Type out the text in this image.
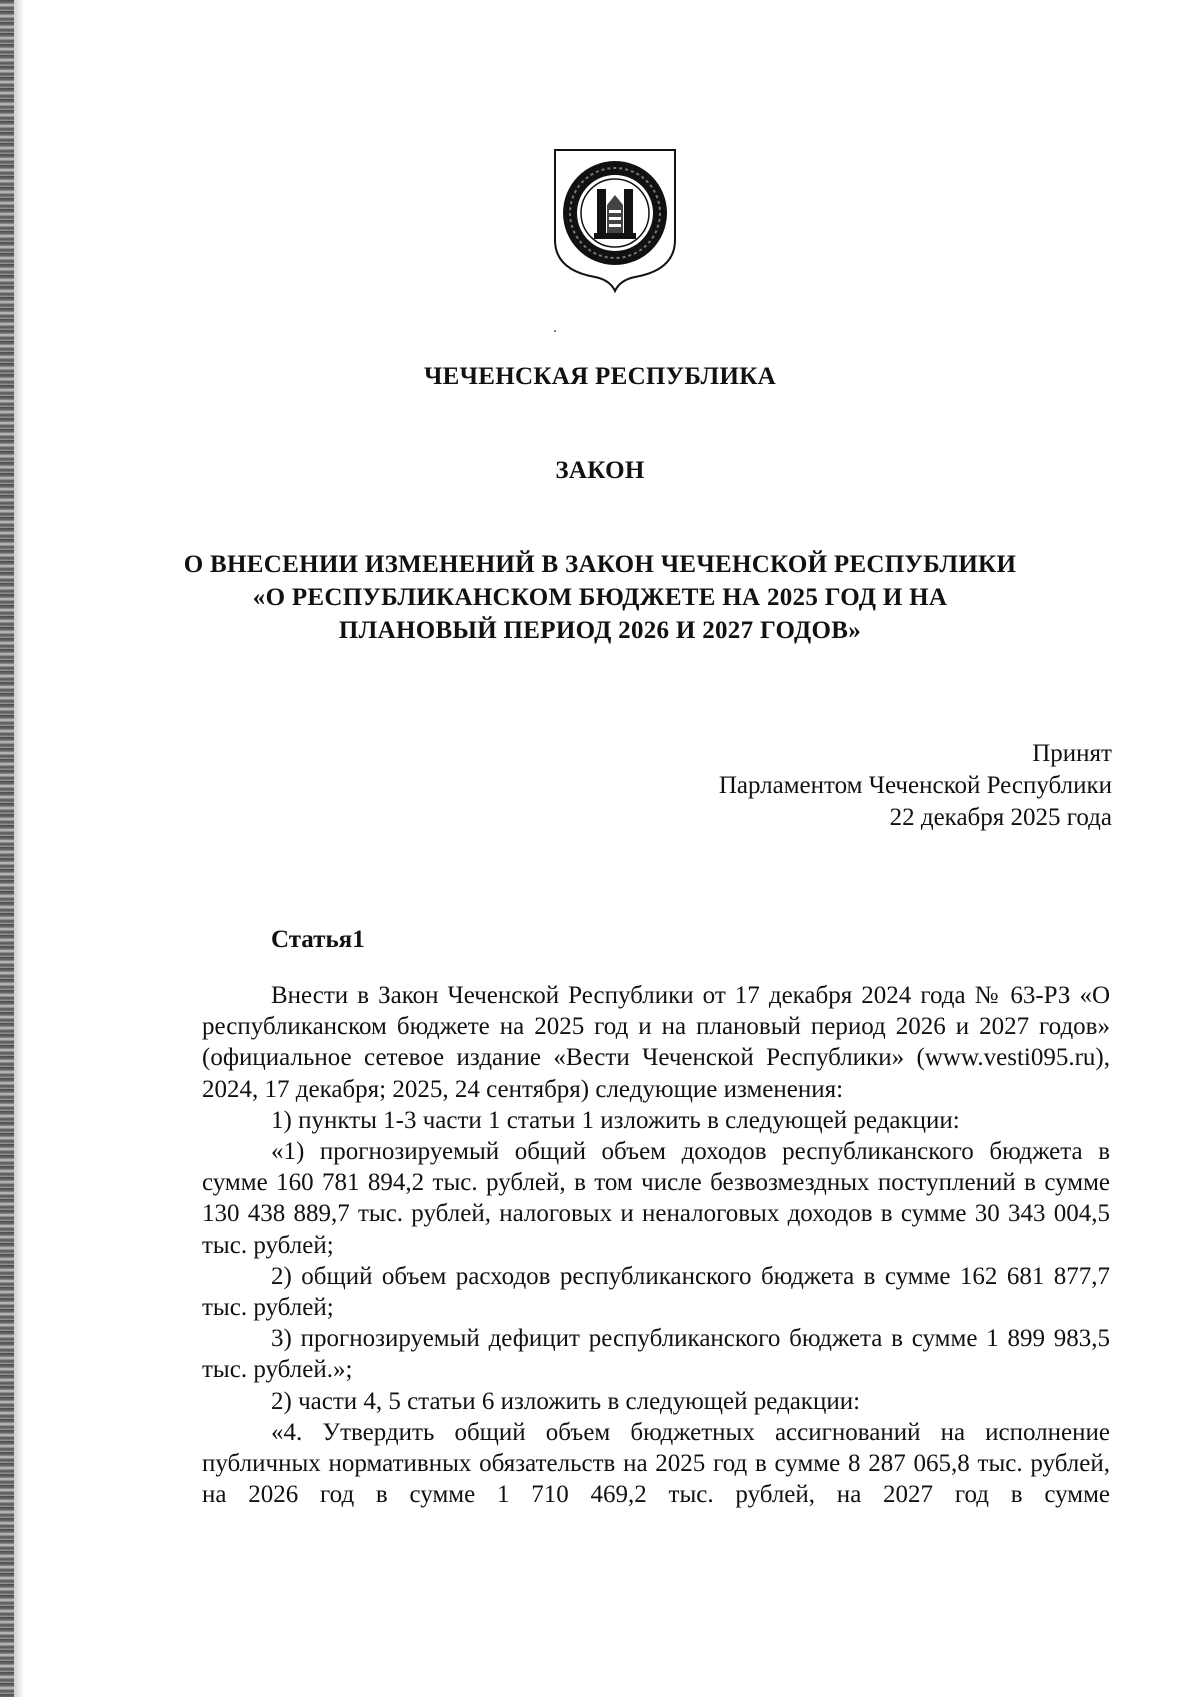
ЧЕЧЕНСКАЯ РЕСПУБЛИКА
ЗАКОН
О ВНЕСЕНИИ ИЗМЕНЕНИЙ В ЗАКОН ЧЕЧЕНСКОЙ РЕСПУБЛИКИ
«О РЕСПУБЛИКАНСКОМ БЮДЖЕТЕ НА 2025 ГОД И НА
ПЛАНОВЫЙ ПЕРИОД 2026 И 2027 ГОДОВ»
Принят
Парламентом Чеченской Республики
22 декабря 2025 года
Статья1

Внести в Закон Чеченской Республики от 17 декабря 2024 года № 63-РЗ «О республиканском бюджете на 2025 год и на плановый период 2026 и 2027 годов» (официальное сетевое издание «Вести Чеченской Республики» (www.vesti095.ru), 2024, 17 декабря; 2025, 24 сентября) следующие изменения:

1) пункты 1-3 части 1 статьи 1 изложить в следующей редакции:

«1) прогнозируемый общий объем доходов республиканского бюджета в сумме 160 781 894,2 тыс. рублей, в том числе безвозмездных поступлений в сумме 130 438 889,7 тыс. рублей, налоговых и неналоговых доходов в сумме 30 343 004,5 тыс. рублей;

2) общий объем расходов республиканского бюджета в сумме 162 681 877,7 тыс. рублей;

3) прогнозируемый дефицит республиканского бюджета в сумме 1 899 983,5 тыс. рублей.»;

2) части 4, 5 статьи 6 изложить в следующей редакции:

«4. Утвердить общий объем бюджетных ассигнований на исполнение публичных нормативных обязательств на 2025 год в сумме 8 287 065,8 тыс. рублей, на 2026 год в сумме 1 710 469,2 тыс. рублей, на 2027 год в сумме
